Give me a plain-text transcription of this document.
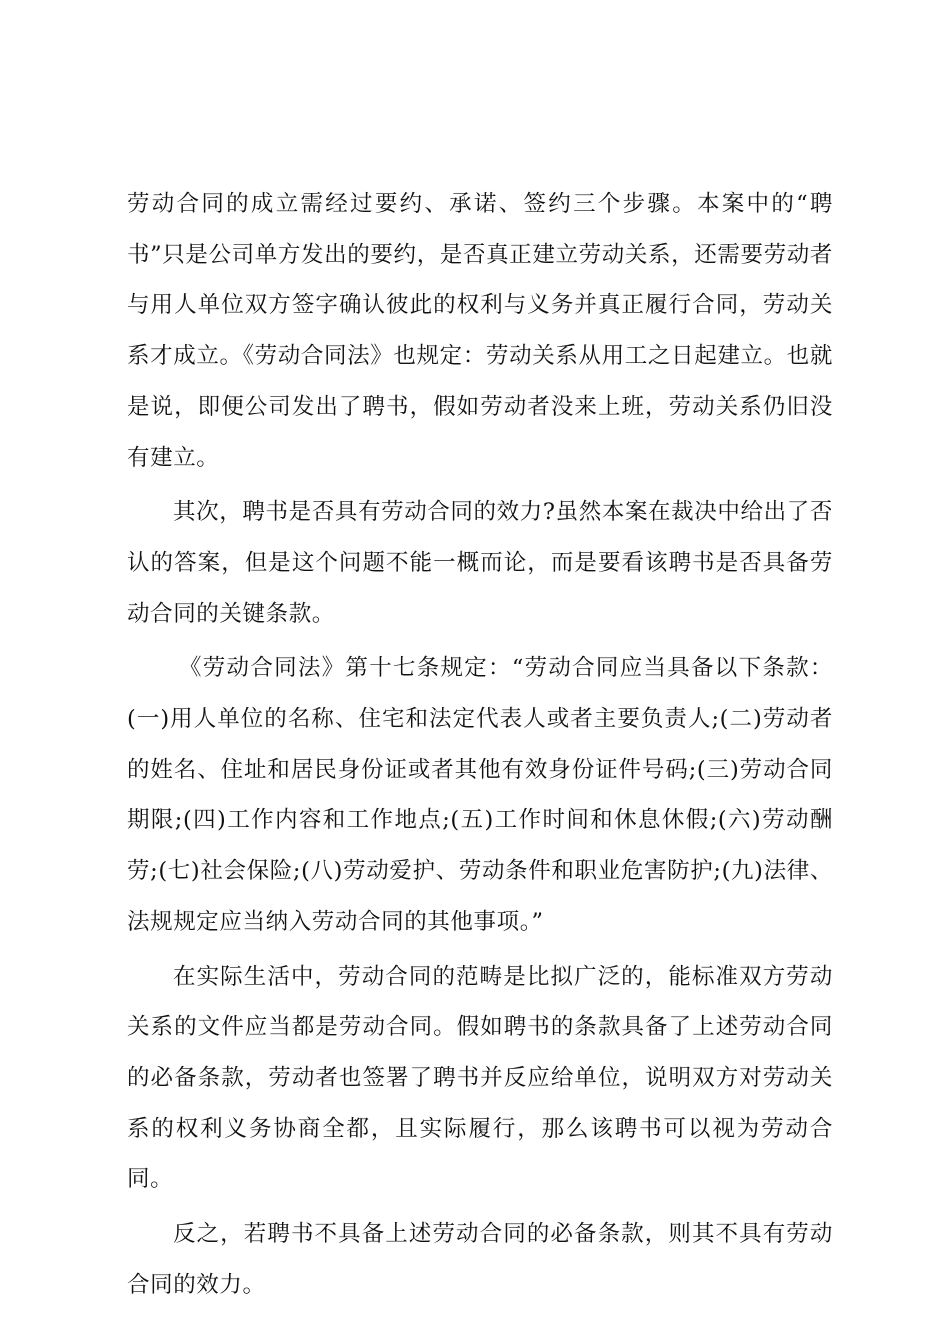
劳动合同的成立需经过要约、承诺、签约三个步骤。本案中的“聘书”只是公司单方发出的要约，是否真正建立劳动关系，还需要劳动者与用人单位双方签字确认彼此的权利与义务并真正履行合同，劳动关系才成立。《劳动合同法》也规定：劳动关系从用工之日起建立。也就是说，即便公司发出了聘书，假如劳动者没来上班，劳动关系仍旧没有建立。

其次，聘书是否具有劳动合同的效力?虽然本案在裁决中给出了否认的答案，但是这个问题不能一概而论，而是要看该聘书是否具备劳动合同的关键条款。

《劳动合同法》第十七条规定：“劳动合同应当具备以下条款：(一)用人单位的名称、住宅和法定代表人或者主要负责人;(二)劳动者的姓名、住址和居民身份证或者其他有效身份证件号码;(三)劳动合同期限;(四)工作内容和工作地点;(五)工作时间和休息休假;(六)劳动酬劳;(七)社会保险;(八)劳动爱护、劳动条件和职业危害防护;(九)法律、法规规定应当纳入劳动合同的其他事项。”

在实际生活中，劳动合同的范畴是比拟广泛的，能标准双方劳动关系的文件应当都是劳动合同。假如聘书的条款具备了上述劳动合同的必备条款，劳动者也签署了聘书并反应给单位，说明双方对劳动关系的权利义务协商全都，且实际履行，那么该聘书可以视为劳动合同。

反之，若聘书不具备上述劳动合同的必备条款，则其不具有劳动合同的效力。
